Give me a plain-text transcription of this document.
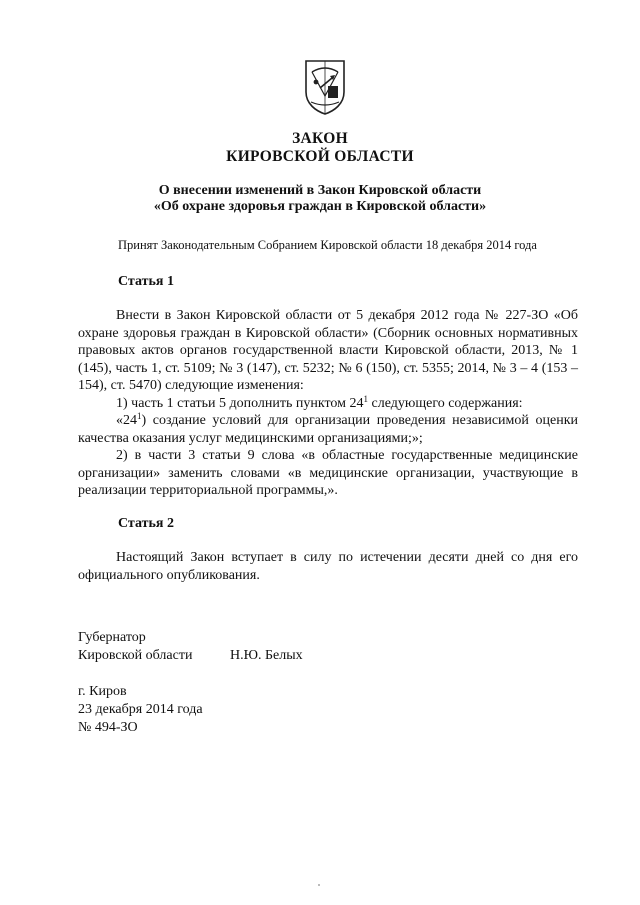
ЗАКОН
КИРОВСКОЙ ОБЛАСТИ
О внесении изменений в Закон Кировской области
«Об охране здоровья граждан в Кировской области»
Принят Законодательным Собранием Кировской области 18 декабря 2014 года
Статья 1

Внести в Закон Кировской области от 5 декабря 2012 года № 227-ЗО «Об охране здоровья граждан в Кировской области» (Сборник основных нормативных правовых актов органов государственной власти Кировской области, 2013, № 1 (145), часть 1, ст. 5109; № 3 (147), ст. 5232; № 6 (150), ст. 5355; 2014, № 3 – 4 (153 – 154), ст. 5470) следующие изменения:

1) часть 1 статьи 5 дополнить пунктом $24^1$ следующего содержания:

«$24^1$) создание условий для организации проведения независимой оценки качества оказания услуг медицинскими организациями;»;

2) в части 3 статьи 9 слова «в областные государственные медицинские организации» заменить словами «в медицинские организации, участвующие в реализации территориальной программы,».

Статья 2

Настоящий Закон вступает в силу по истечении десяти дней со дня его официального опубликования.

Губернатор
Кировской области	Н.Ю. Белых
г. Киров
23 декабря 2014 года
№ 494-ЗО
